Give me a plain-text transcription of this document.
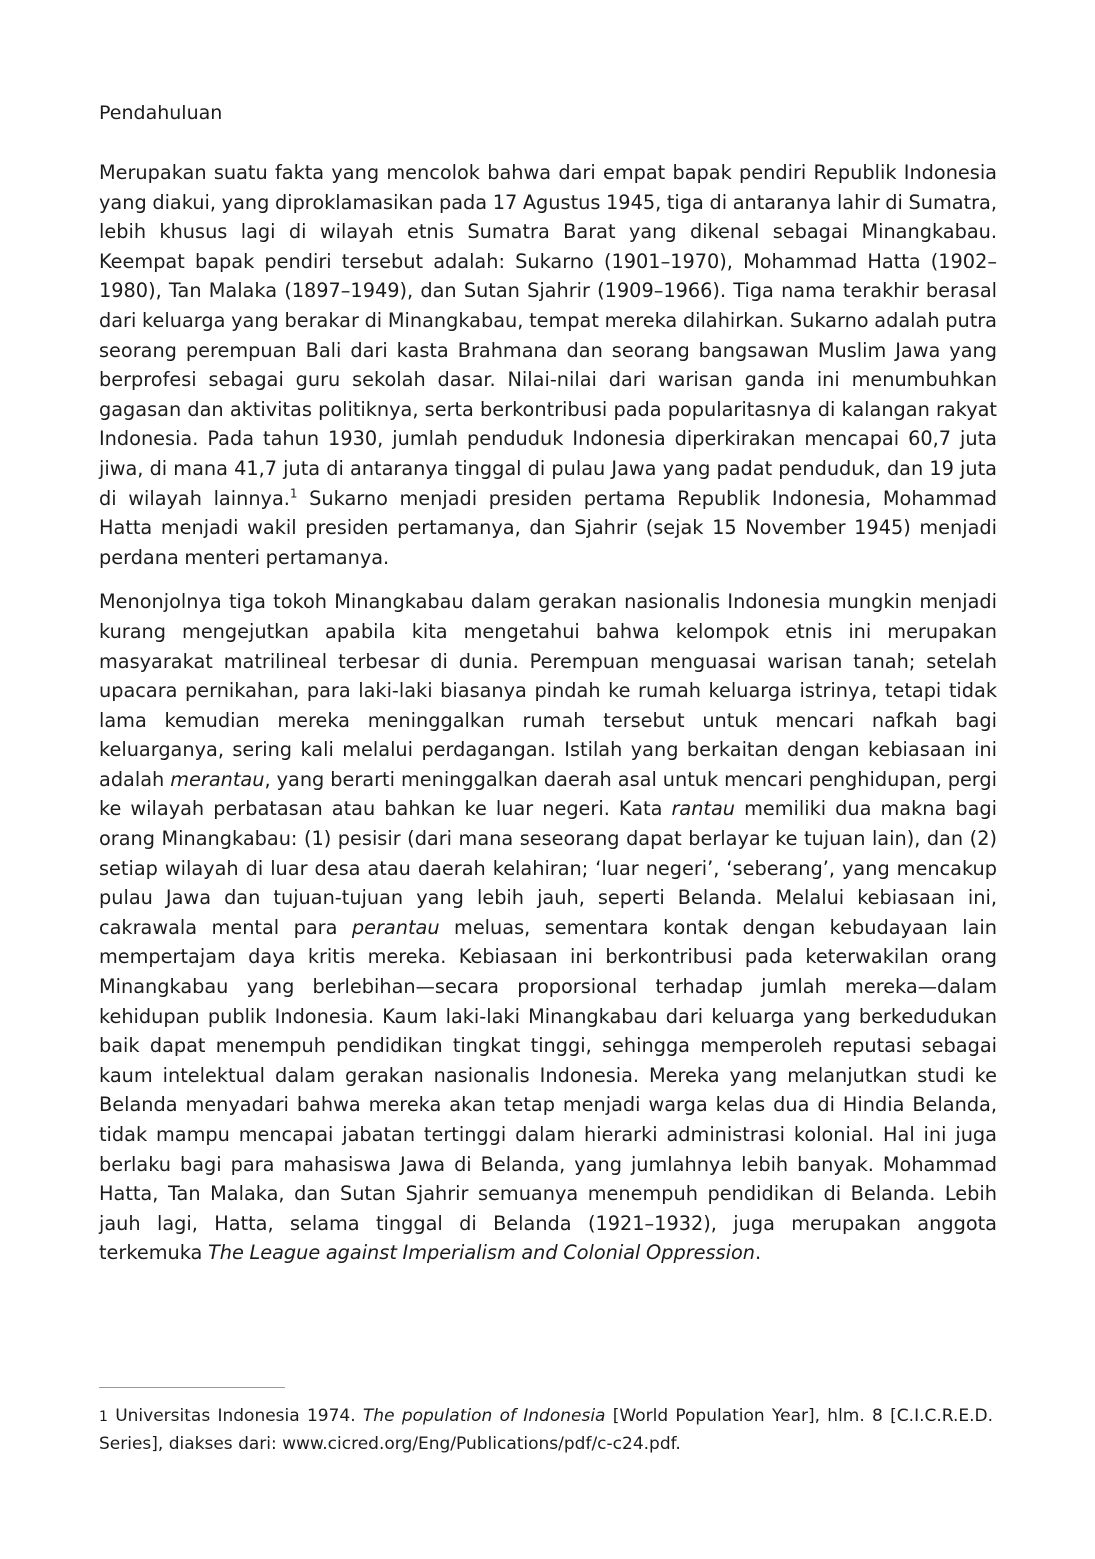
Pendahuluan

Merupakan suatu fakta yang mencolok bahwa dari empat bapak pendiri Republik Indonesia yang diakui, yang diproklamasikan pada 17 Agustus 1945, tiga di antaranya lahir di Sumatra, lebih khusus lagi di wilayah etnis Sumatra Barat yang dikenal sebagai Minangkabau. Keempat bapak pendiri tersebut adalah: Sukarno (1901–1970), Mohammad Hatta (1902–1980), Tan Malaka (1897–1949), dan Sutan Sjahrir (1909–1966). Tiga nama terakhir berasal dari keluarga yang berakar di Minangkabau, tempat mereka dilahirkan. Sukarno adalah putra seorang perempuan Bali dari kasta Brahmana dan seorang bangsawan Muslim Jawa yang berprofesi sebagai guru sekolah dasar. Nilai-nilai dari warisan ganda ini menumbuhkan gagasan dan aktivitas politiknya, serta berkontribusi pada popularitasnya di kalangan rakyat Indonesia. Pada tahun 1930, jumlah penduduk Indonesia diperkirakan mencapai 60,7 juta jiwa, di mana 41,7 juta di antaranya tinggal di pulau Jawa yang padat penduduk, dan 19 juta di wilayah lainnya.$^1$ Sukarno menjadi presiden pertama Republik Indonesia, Mohammad Hatta menjadi wakil presiden pertamanya, dan Sjahrir (sejak 15 November 1945) menjadi perdana menteri pertamanya.

Menonjolnya tiga tokoh Minangkabau dalam gerakan nasionalis Indonesia mungkin menjadi kurang mengejutkan apabila kita mengetahui bahwa kelompok etnis ini merupakan masyarakat matrilineal terbesar di dunia. Perempuan menguasai warisan tanah; setelah upacara pernikahan, para laki-laki biasanya pindah ke rumah keluarga istrinya, tetapi tidak lama kemudian mereka meninggalkan rumah tersebut untuk mencari nafkah bagi keluarganya, sering kali melalui perdagangan. Istilah yang berkaitan dengan kebiasaan ini adalah merantau, yang berarti meninggalkan daerah asal untuk mencari penghidupan, pergi ke wilayah perbatasan atau bahkan ke luar negeri. Kata rantau memiliki dua makna bagi orang Minangkabau: (1) pesisir (dari mana seseorang dapat berlayar ke tujuan lain), dan (2) setiap wilayah di luar desa atau daerah kelahiran; ‘luar negeri’, ‘seberang’, yang mencakup pulau Jawa dan tujuan-tujuan yang lebih jauh, seperti Belanda. Melalui kebiasaan ini, cakrawala mental para perantau meluas, sementara kontak dengan kebudayaan lain mempertajam daya kritis mereka. Kebiasaan ini berkontribusi pada keterwakilan orang Minangkabau yang berlebihan—secara proporsional terhadap jumlah mereka—dalam kehidupan publik Indonesia. Kaum laki-laki Minangkabau dari keluarga yang berkedudukan baik dapat menempuh pendidikan tingkat tinggi, sehingga memperoleh reputasi sebagai kaum intelektual dalam gerakan nasionalis Indonesia. Mereka yang melanjutkan studi ke Belanda menyadari bahwa mereka akan tetap menjadi warga kelas dua di Hindia Belanda, tidak mampu mencapai jabatan tertinggi dalam hierarki administrasi kolonial. Hal ini juga berlaku bagi para mahasiswa Jawa di Belanda, yang jumlahnya lebih banyak. Mohammad Hatta, Tan Malaka, dan Sutan Sjahrir semuanya menempuh pendidikan di Belanda. Lebih jauh lagi, Hatta, selama tinggal di Belanda (1921–1932), juga merupakan anggota terkemuka The League against Imperialism and Colonial Oppression.

1 Universitas Indonesia 1974. The population of Indonesia [World Population Year], hlm. 8 [C.I.C.R.E.D. Series], diakses dari: www.cicred.org/Eng/Publications/pdf/c-c24.pdf.
